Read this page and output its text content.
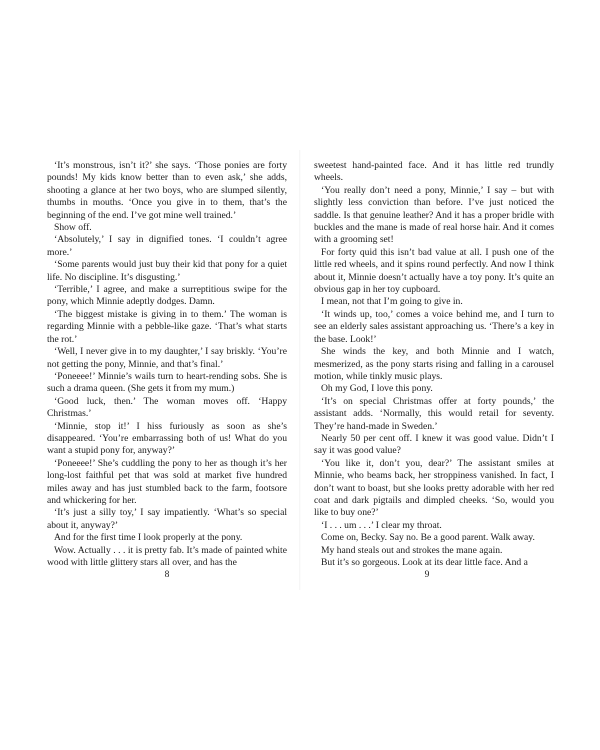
‘It’s monstrous, isn’t it?’ she says. ‘Those ponies are forty pounds! My kids know better than to even ask,’ she adds, shooting a glance at her two boys, who are slumped silently, thumbs in mouths. ‘Once you give in to them, that’s the beginning of the end. I’ve got mine well trained.’

Show off.

‘Absolutely,’ I say in dignified tones. ‘I couldn’t agree more.’

‘Some parents would just buy their kid that pony for a quiet life. No discipline. It’s disgusting.’

‘Terrible,’ I agree, and make a surreptitious swipe for the pony, which Minnie adeptly dodges. Damn.

‘The biggest mistake is giving in to them.’ The woman is regarding Minnie with a pebble-like gaze. ‘That’s what starts the rot.’

‘Well, I never give in to my daughter,’ I say briskly. ‘You’re not getting the pony, Minnie, and that’s final.’

‘Poneeee!’ Minnie’s wails turn to heart-rending sobs. She is such a drama queen. (She gets it from my mum.)

‘Good luck, then.’ The woman moves off. ‘Happy Christmas.’

‘Minnie, stop it!’ I hiss furiously as soon as she’s disappeared. ‘You’re embarrassing both of us! What do you want a stupid pony for, anyway?’

‘Poneeee!’ She’s cuddling the pony to her as though it’s her long-lost faithful pet that was sold at market five hundred miles away and has just stumbled back to the farm, footsore and whickering for her.

‘It’s just a silly toy,’ I say impatiently. ‘What’s so special about it, anyway?’

And for the first time I look properly at the pony.

Wow. Actually . . . it is pretty fab. It’s made of painted white wood with little glittery stars all over, and has the

8

sweetest hand-painted face. And it has little red trundly wheels.

‘You really don’t need a pony, Minnie,’ I say – but with slightly less conviction than before. I’ve just noticed the saddle. Is that genuine leather? And it has a proper bridle with buckles and the mane is made of real horse hair. And it comes with a grooming set!

For forty quid this isn’t bad value at all. I push one of the little red wheels, and it spins round perfectly. And now I think about it, Minnie doesn’t actually have a toy pony. It’s quite an obvious gap in her toy cupboard.

I mean, not that I’m going to give in.

‘It winds up, too,’ comes a voice behind me, and I turn to see an elderly sales assistant approaching us. ‘There’s a key in the base. Look!’

She winds the key, and both Minnie and I watch, mesmerized, as the pony starts rising and falling in a carousel motion, while tinkly music plays.

Oh my God, I love this pony.

‘It’s on special Christmas offer at forty pounds,’ the assistant adds. ‘Normally, this would retail for seventy. They’re hand-made in Sweden.’

Nearly 50 per cent off. I knew it was good value. Didn’t I say it was good value?

‘You like it, don’t you, dear?’ The assistant smiles at Minnie, who beams back, her stroppiness vanished. In fact, I don’t want to boast, but she looks pretty adorable with her red coat and dark pigtails and dimpled cheeks. ‘So, would you like to buy one?’

‘I . . . um . . .’ I clear my throat.

Come on, Becky. Say no. Be a good parent. Walk away.

My hand steals out and strokes the mane again.

But it’s so gorgeous. Look at its dear little face. And a

9
